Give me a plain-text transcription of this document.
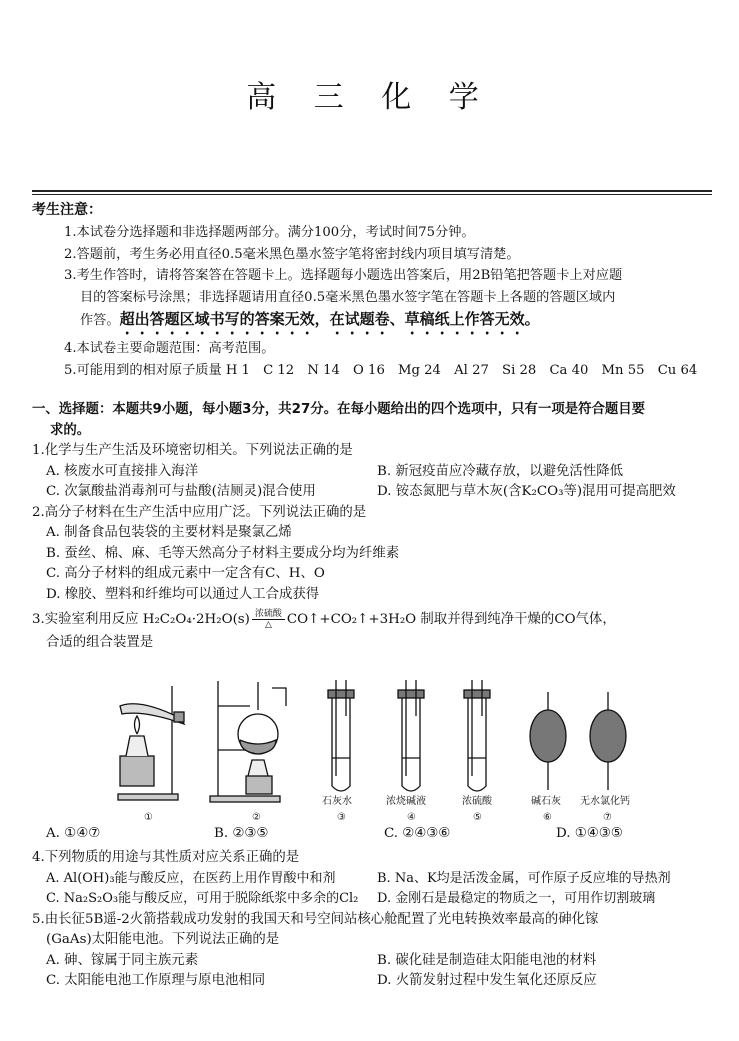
高 三 化 学
考生注意：
1.本试卷分选择题和非选择题两部分。满分100分，考试时间75分钟。
2.答题前，考生务必用直径0.5毫米黑色墨水签字笔将密封线内项目填写清楚。
3.考生作答时，请将答案答在答题卡上。选择题每小题选出答案后，用2B铅笔把答题卡上对应题
目的答案标号涂黑；非选择题请用直径0.5毫米黑色墨水签字笔在答题卡上各题的答题区域内
作答。超出答题区域书写的答案无效，在试题卷、草稿纸上作答无效。
4.本试卷主要命题范围：高考范围。
5.可能用到的相对原子质量 H 1　C 12　N 14　O 16　Mg 24　Al 27　Si 28　Ca 40　Mn 55　Cu 64
一、选择题：本题共9小题，每小题3分，共27分。在每小题给出的四个选项中，只有一项是符合题目要
求的。
1.化学与生产生活及环境密切相关。下列说法正确的是
A. 核废水可直接排入海洋	B. 新冠疫苗应冷藏存放，以避免活性降低
C. 次氯酸盐消毒剂可与盐酸(洁厕灵)混合使用	D. 铵态氮肥与草木灰(含K₂CO₃等)混用可提高肥效
2.高分子材料在生产生活中应用广泛。下列说法正确的是
A. 制备食品包装袋的主要材料是聚氯乙烯
B. 蚕丝、棉、麻、毛等天然高分子材料主要成分均为纤维素
C. 高分子材料的组成元素中一定含有C、H、O
D. 橡胶、塑料和纤维均可以通过人工合成获得
3.实验室利用反应 $H_2C_2O_4\cdot 2H_2O(s) \frac{\text{浓硫酸}}{\triangle}$ CO↑+CO₂↑+3H₂O 制取并得到纯净干燥的CO气体，
合适的组合装置是
石灰水	浓烧碱液	浓硫酸	碱石灰 无水氯化钙
①	②	③	④	⑤	⑥	⑦
A. ①④⑦	B. ②③⑤	C. ②④③⑥	D. ①④③⑤
4.下列物质的用途与其性质对应关系正确的是
A. Al(OH)₃能与酸反应，在医药上用作胃酸中和剂	B. Na、K均是活泼金属，可作原子反应堆的导热剂
C. Na₂S₂O₃能与酸反应，可用于脱除纸浆中多余的Cl₂	D. 金刚石是最稳定的物质之一，可用作切割玻璃
5.由长征5B遥-2火箭搭载成功发射的我国天和号空间站核心舱配置了光电转换效率最高的砷化镓
(GaAs)太阳能电池。下列说法正确的是
A. 砷、镓属于同主族元素	B. 碳化硅是制造硅太阳能电池的材料
C. 太阳能电池工作原理与原电池相同	D. 火箭发射过程中发生氧化还原反应
